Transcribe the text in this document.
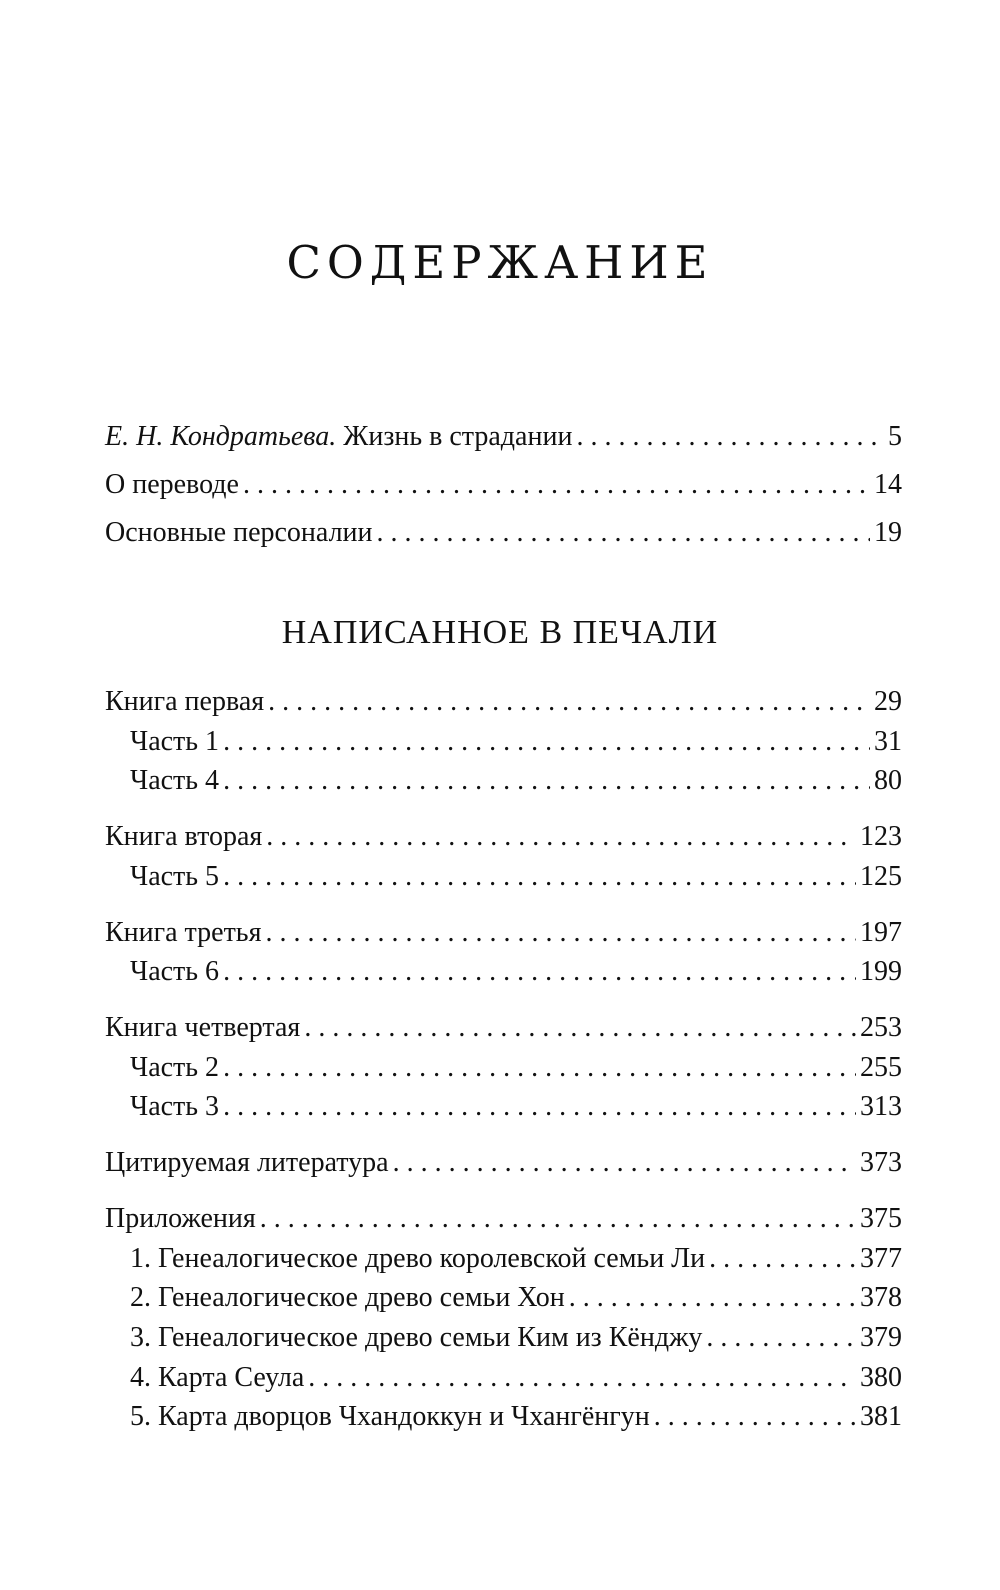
СОДЕРЖАНИЕ
Е. Н. Кондратьева. Жизнь в страдании . . .	5
О переводе . . .	14
Основные персоналии . . .	19
НАПИСАННОЕ В ПЕЧАЛИ
Книга первая . . .	29
Часть 1 . . .	31
Часть 4 . . .	80
Книга вторая . . .	123
Часть 5 . . .	125
Книга третья . . .	197
Часть 6 . . .	199
Книга четвертая . . .	253
Часть 2 . . .	255
Часть 3 . . .	313
Цитируемая литература . . .	373
Приложения . . .	375
1. Генеалогическое древо королевской семьи Ли . . .	377
2. Генеалогическое древо семьи Хон . . .	378
3. Генеалогическое древо семьи Ким из Кёнджу . . .	379
4. Карта Сеула . . .	380
5. Карта дворцов Чхандоккун и Чхангёнгун . . .	381
